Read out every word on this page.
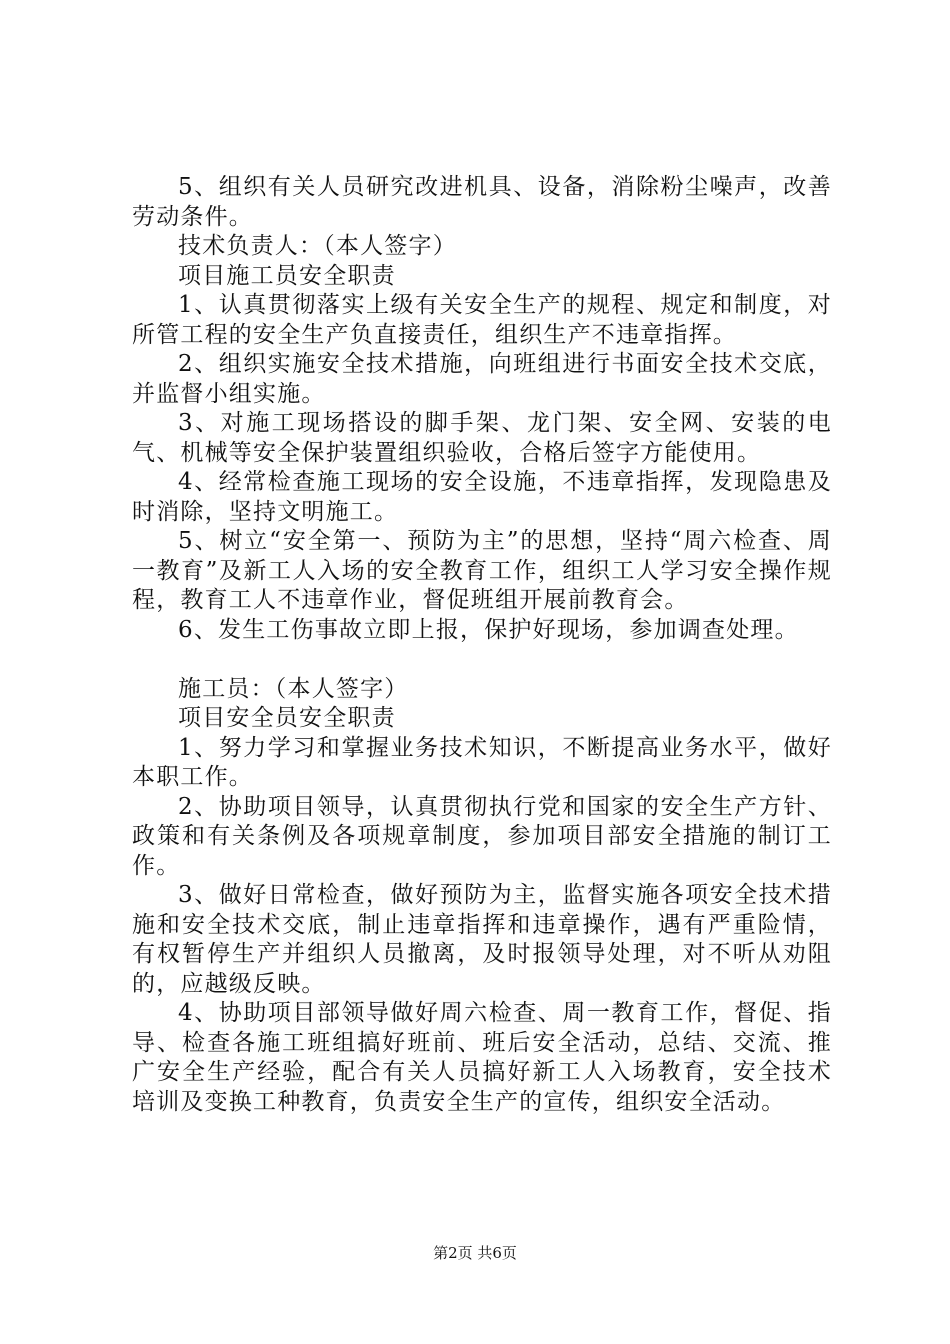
5、组织有关人员研究改进机具、设备，消除粉尘噪声，改善劳动条件。

技术负责人：（本人签字）

项目施工员安全职责

1、认真贯彻落实上级有关安全生产的规程、规定和制度，对所管工程的安全生产负直接责任，组织生产不违章指挥。

2、组织实施安全技术措施，向班组进行书面安全技术交底，并监督小组实施。

3、对施工现场搭设的脚手架、龙门架、安全网、安装的电气、机械等安全保护装置组织验收，合格后签字方能使用。

4、经常检查施工现场的安全设施，不违章指挥，发现隐患及时消除，坚持文明施工。

5、树立“安全第一、预防为主”的思想，坚持“周六检查、周一教育”及新工人入场的安全教育工作，组织工人学习安全操作规程，教育工人不违章作业，督促班组开展前教育会。

6、发生工伤事故立即上报，保护好现场，参加调查处理。

施工员：（本人签字）

项目安全员安全职责

1、努力学习和掌握业务技术知识，不断提高业务水平，做好本职工作。

2、协助项目领导，认真贯彻执行党和国家的安全生产方针、政策和有关条例及各项规章制度，参加项目部安全措施的制订工作。

3、做好日常检查，做好预防为主，监督实施各项安全技术措施和安全技术交底，制止违章指挥和违章操作，遇有严重险情，有权暂停生产并组织人员撤离，及时报领导处理，对不听从劝阻的，应越级反映。

4、协助项目部领导做好周六检查、周一教育工作，督促、指导、检查各施工班组搞好班前、班后安全活动，总结、交流、推广安全生产经验，配合有关人员搞好新工人入场教育，安全技术培训及变换工种教育，负责安全生产的宣传，组织安全活动。

第2页 共6页
